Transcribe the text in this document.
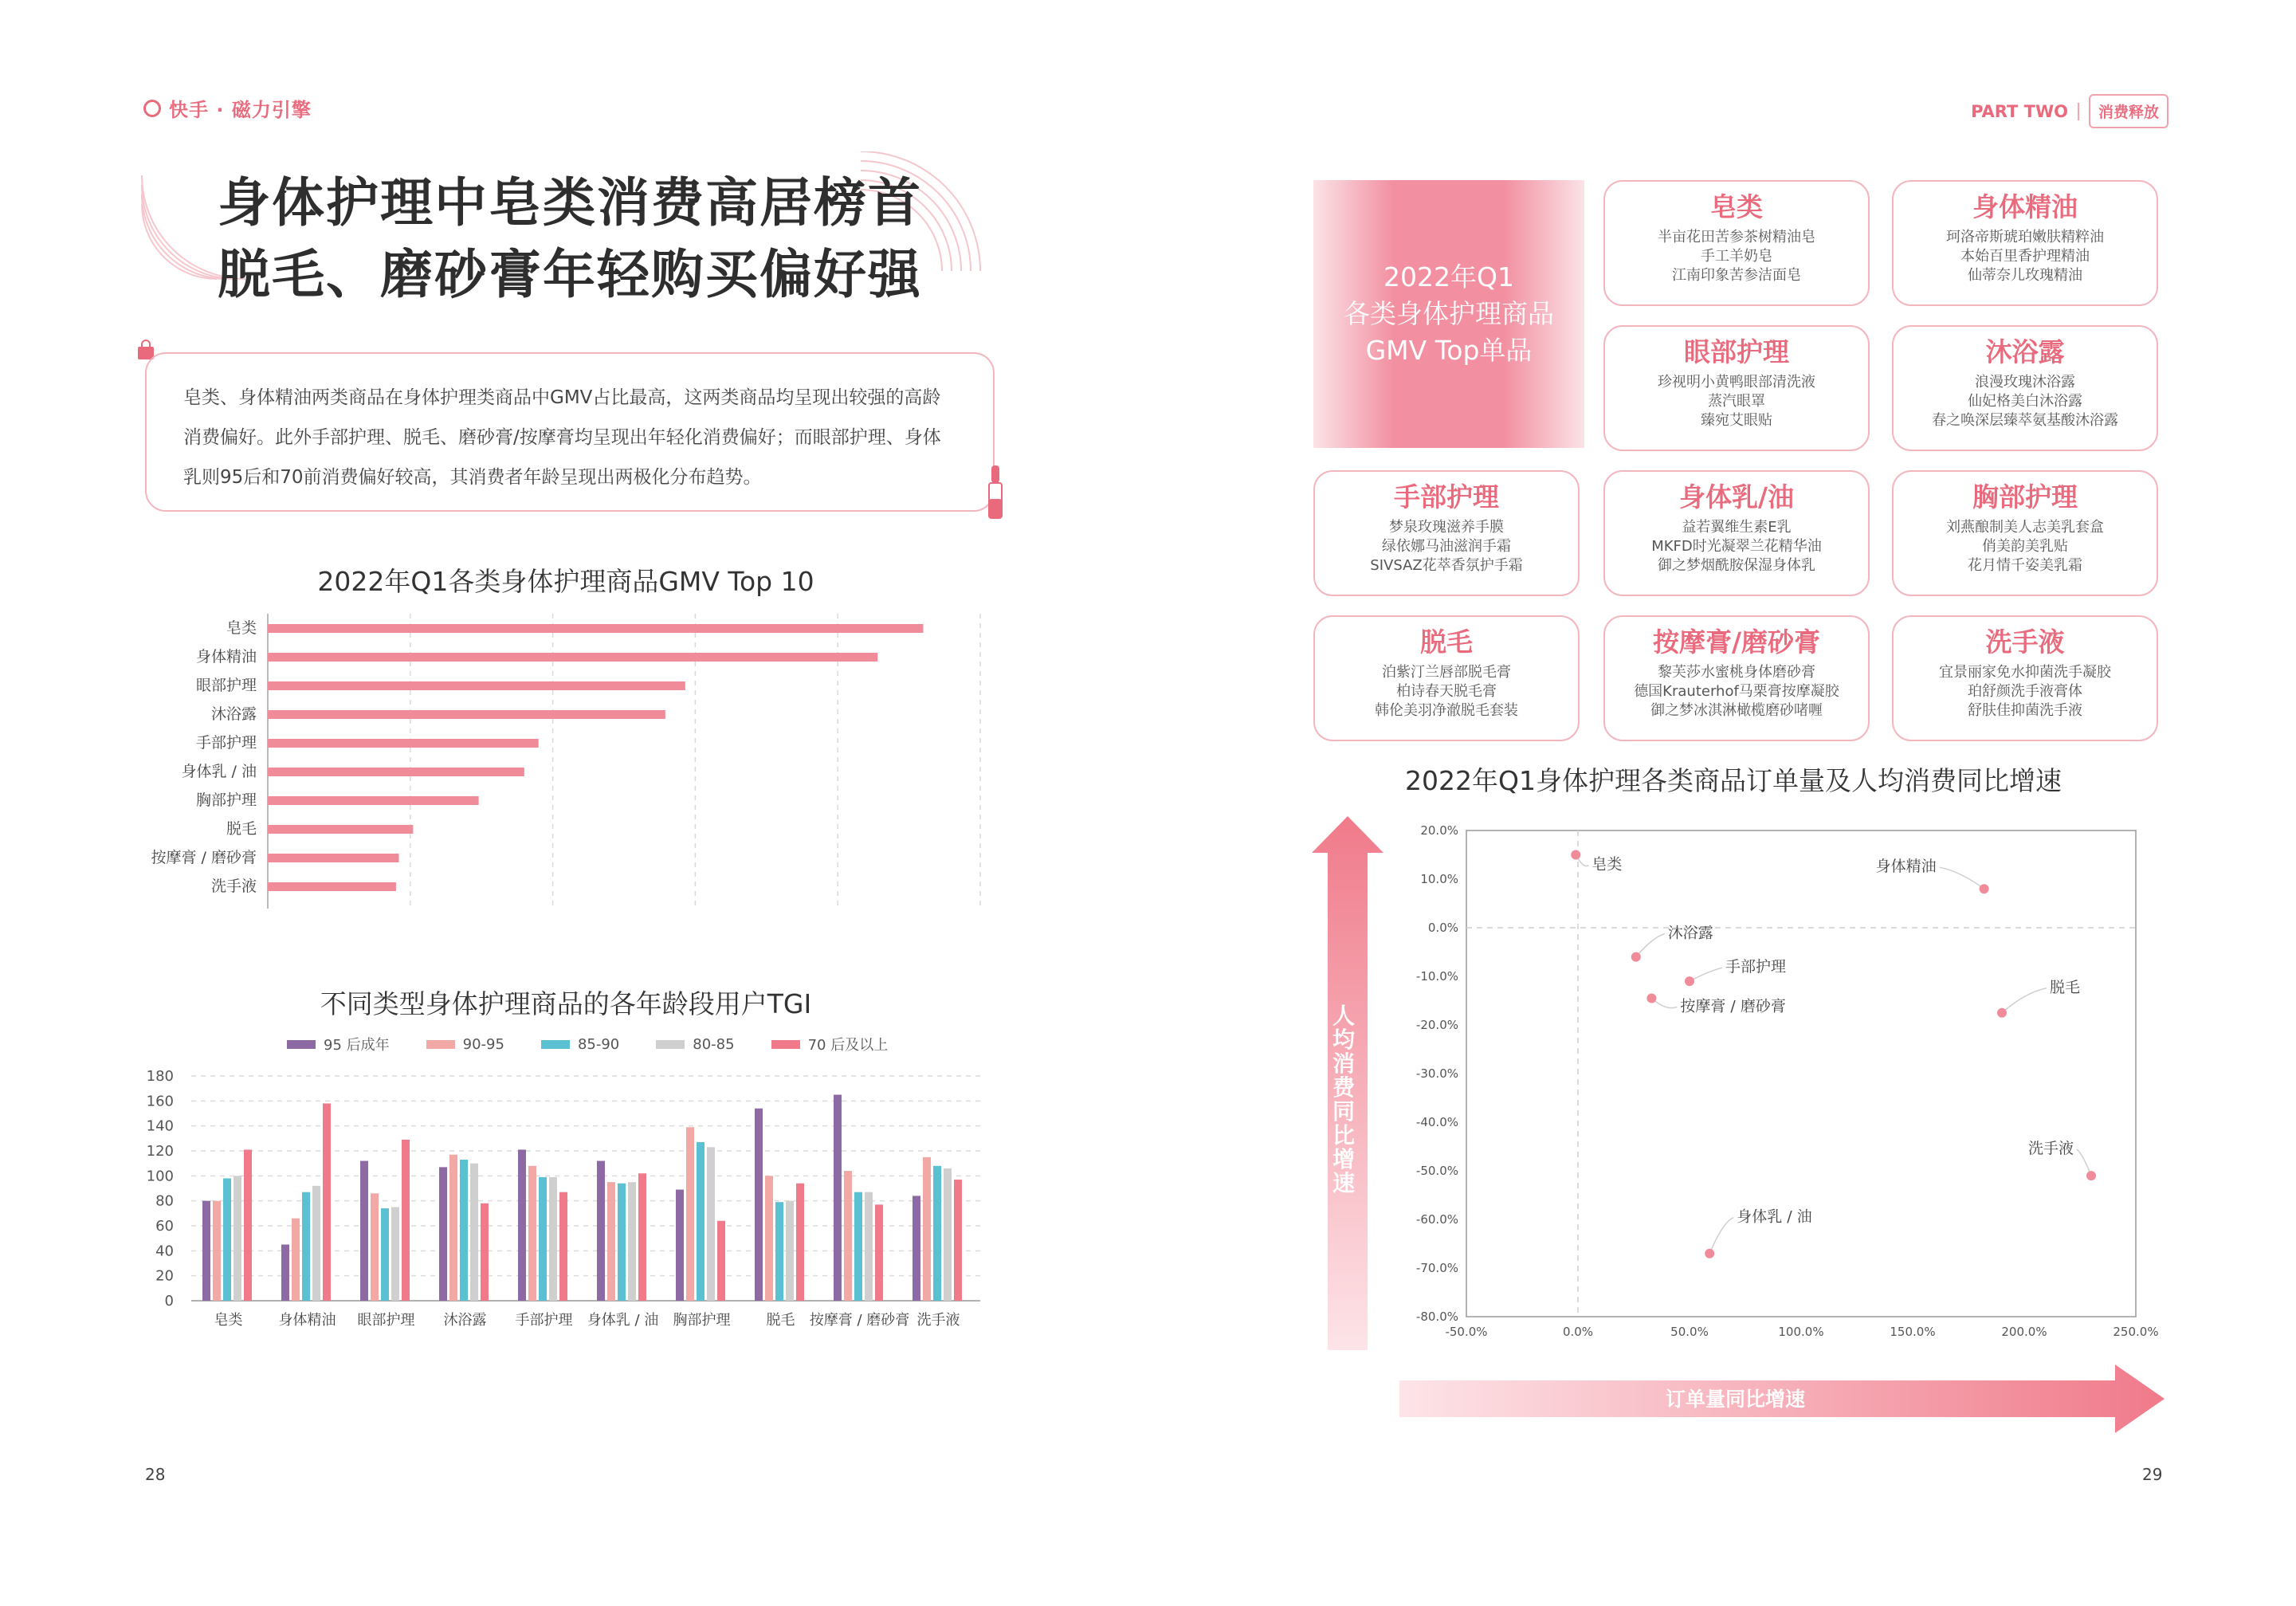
快手 · 磁力引擎	PART TWO	消费释放
身体护理中皂类消费高居榜首
脱毛、磨砂膏年轻购买偏好强
皂类、身体精油两类商品在身体护理类商品中GMV占比最高，这两类商品均呈现出较强的高龄消费偏好。此外手部护理、脱毛、磨砂膏/按摩膏均呈现出年轻化消费偏好；而眼部护理、身体乳则95后和70前消费偏好较高，其消费者年龄呈现出两极化分布趋势。
2022年Q1各类身体护理商品GMV Top 10
皂类
身体精油
眼部护理
沐浴露
手部护理
身体乳 / 油
胸部护理
脱毛
按摩膏 / 磨砂膏
洗手液
不同类型身体护理商品的各年龄段用户TGI
95 后成年	90-95	85-90	80-85	70 后及以上
0
20
40
60
80
100
120
140
160
180
皂类	身体精油 眼部护理 沐浴露 手部护理 身体乳 / 油 胸部护理	脱毛 按摩膏 / 磨砂膏 洗手液
28	29
2022年Q1
各类身体护理商品
GMV Top单品
皂类
半亩花田苦参茶树精油皂
手工羊奶皂
江南印象苦参洁面皂
身体精油
珂洛帝斯琥珀嫩肤精粹油
本始百里香护理精油
仙蒂奈儿玫瑰精油
眼部护理
珍视明小黄鸭眼部清洗液
蒸汽眼罩
臻宛艾眼贴
沐浴露
浪漫玫瑰沐浴露
仙妃格美白沐浴露
春之唤深层臻萃氨基酸沐浴露
手部护理
梦泉玫瑰滋养手膜
绿依娜马油滋润手霜
SIVSAZ花萃香氛护手霜
身体乳/油
益若翼维生素E乳
MKFD时光凝翠兰花精华油
御之梦烟酰胺保湿身体乳
胸部护理
刘燕酿制美人志美乳套盒
俏美韵美乳贴
花月情千姿美乳霜
脱毛
泊紫汀兰唇部脱毛膏
柏诗春天脱毛膏
韩伦美羽净澈脱毛套装
按摩膏/磨砂膏
黎芙莎水蜜桃身体磨砂膏
德国Krauterhof马栗膏按摩凝胶
御之梦冰淇淋橄榄磨砂啫喱
洗手液
宜景丽家免水抑菌洗手凝胶
珀舒颜洗手液膏体
舒肤佳抑菌洗手液
2022年Q1身体护理各类商品订单量及人均消费同比增速
人
均
消
费
同
比
增
速
订单量同比增速
20.0%
10.0%
0.0%
-10.0%
-20.0%
-30.0%
-40.0%
-50.0%
-60.0%
-70.0%
-80.0%
-50.0%	0.0%	50.0%	100.0%	150.0%	200.0%	250.0%
皂类	身体精油
沐浴露
手部护理
按摩膏 / 磨砂膏
脱毛
洗手液
身体乳 / 油
